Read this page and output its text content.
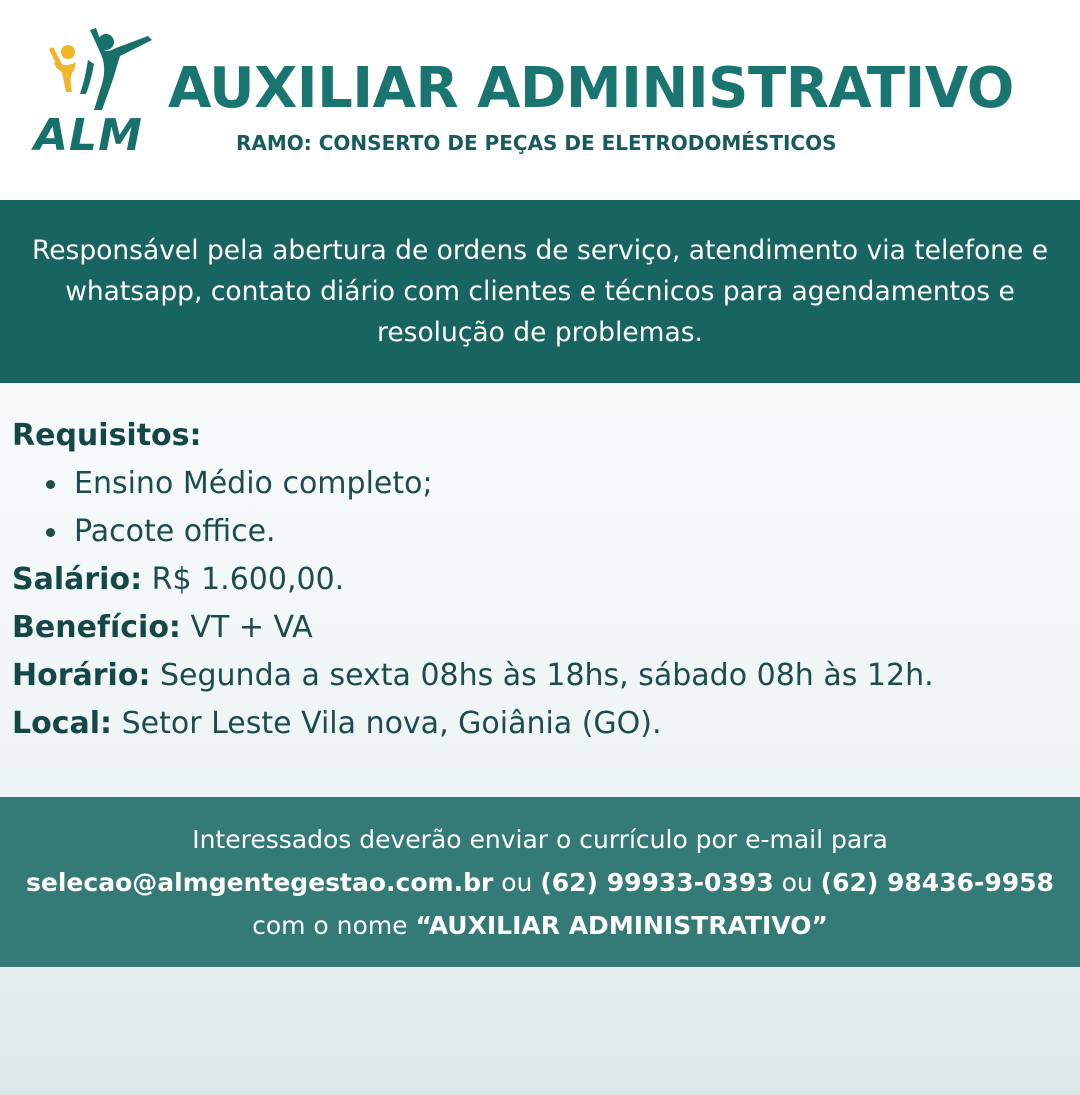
ALM
AUXILIAR ADMINISTRATIVO
RAMO: CONSERTO DE PEÇAS DE ELETRODOMÉSTICOS
Responsável pela abertura de ordens de serviço, atendimento via telefone e whatsapp, contato diário com clientes e técnicos para agendamentos e resolução de problemas.
Requisitos:
Ensino Médio completo;
Pacote office.
Salário: R$ 1.600,00.
Benefício: VT + VA
Horário: Segunda a sexta 08hs às 18hs, sábado 08h às 12h.
Local: Setor Leste Vila nova, Goiânia (GO).
Interessados deverão enviar o currículo por e-mail para
selecao@almgentegestao.com.br ou (62) 99933-0393 ou (62) 98436-9958 com o nome “AUXILIAR ADMINISTRATIVO”
